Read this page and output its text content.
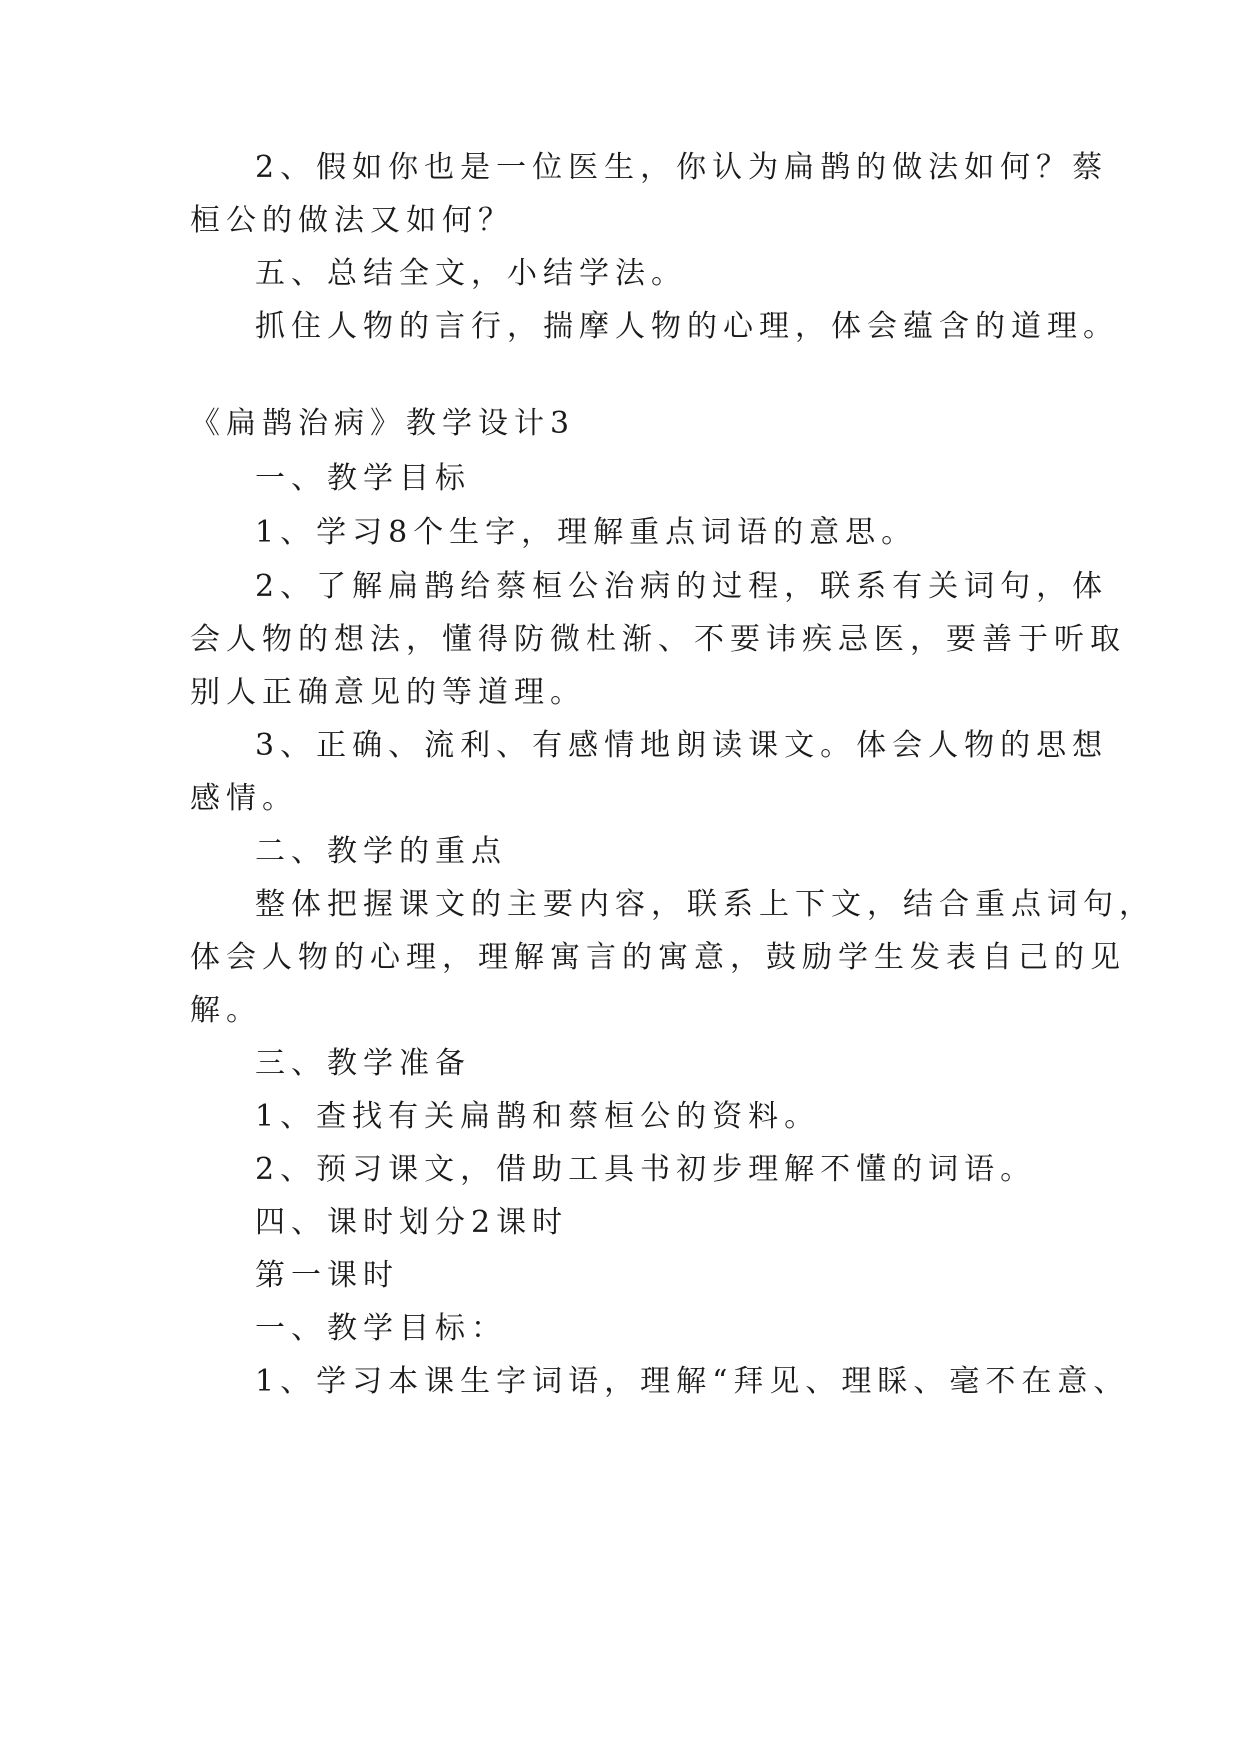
2、假如你也是一位医生，你认为扁鹊的做法如何？蔡
桓公的做法又如何？
五、总结全文，小结学法。
抓住人物的言行，揣摩人物的心理，体会蕴含的道理。
《扁鹊治病》教学设计3
一、教学目标
1、学习8个生字，理解重点词语的意思。
2、了解扁鹊给蔡桓公治病的过程，联系有关词句，体
会人物的想法，懂得防微杜渐、不要讳疾忌医，要善于听取
别人正确意见的等道理。
3、正确、流利、有感情地朗读课文。体会人物的思想
感情。
二、教学的重点
整体把握课文的主要内容，联系上下文，结合重点词句，
体会人物的心理，理解寓言的寓意，鼓励学生发表自己的见
解。
三、教学准备
1、查找有关扁鹊和蔡桓公的资料。
2、预习课文，借助工具书初步理解不懂的词语。
四、课时划分2课时
第一课时
一、教学目标：
1、学习本课生字词语，理解“拜见、理睬、毫不在意、
